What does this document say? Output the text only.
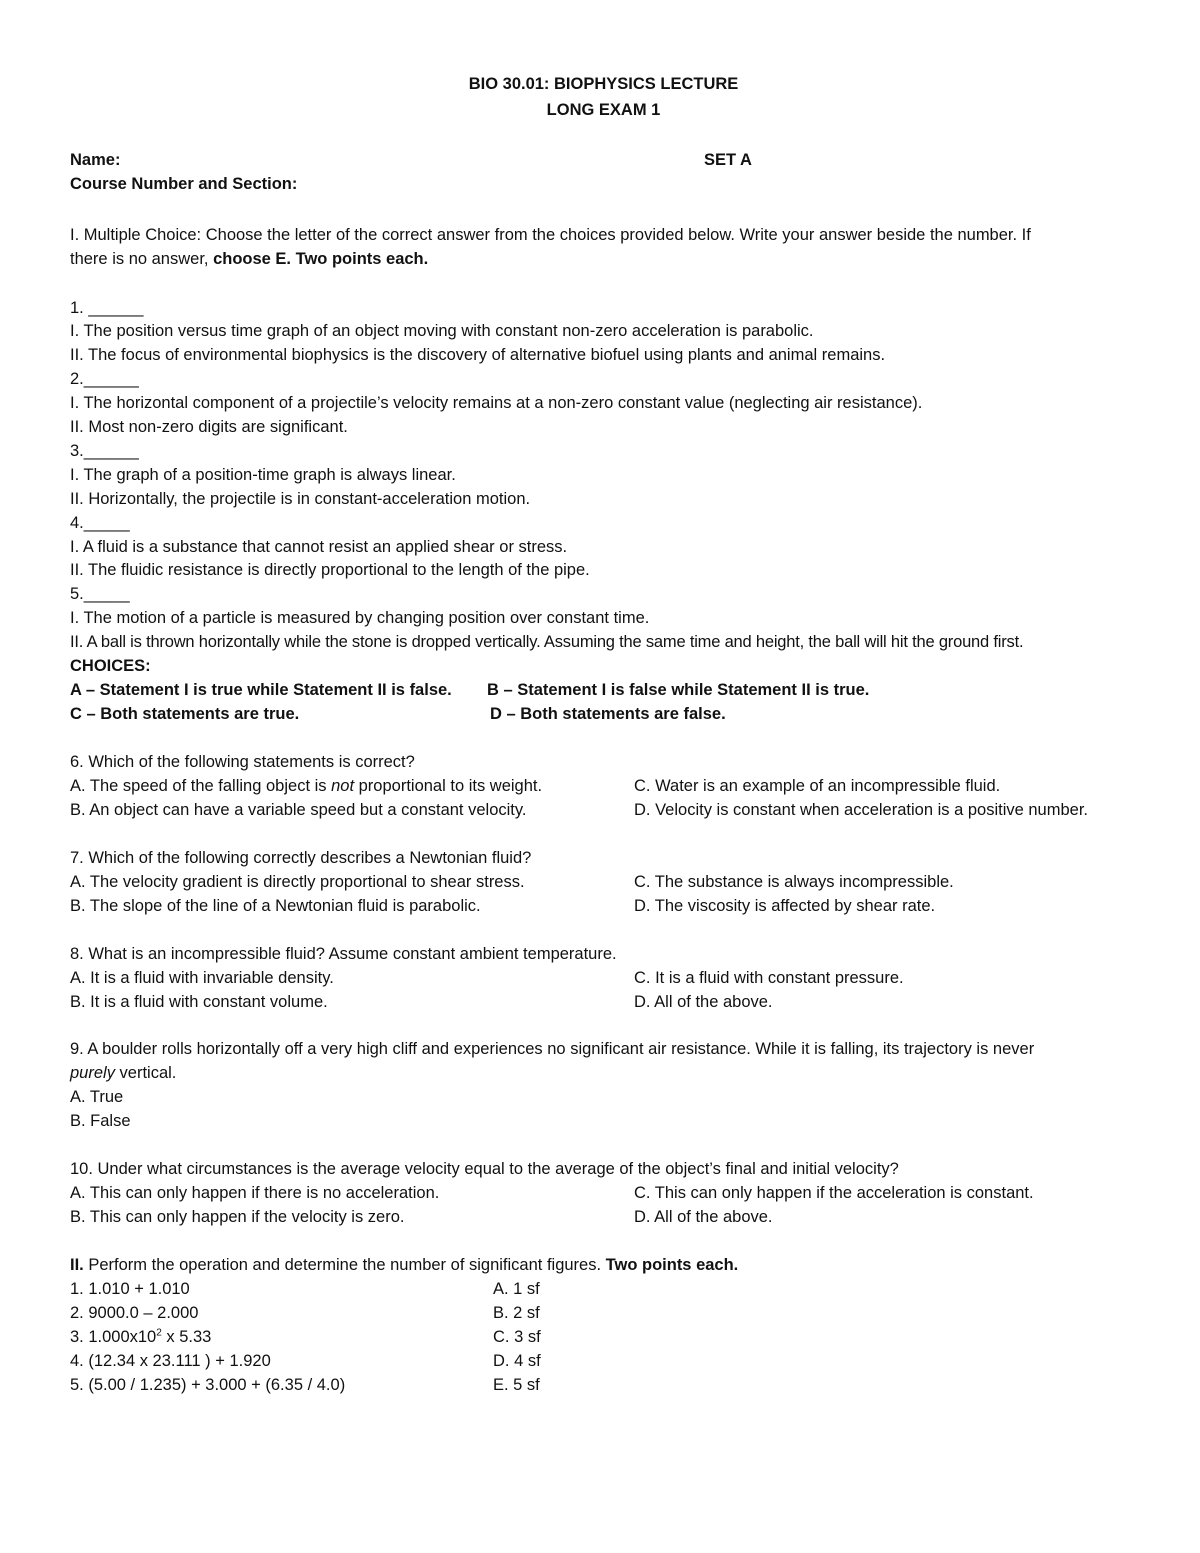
BIO 30.01: BIOPHYSICS LECTURE
LONG EXAM 1
Name:	SET A
Course Number and Section:
I. Multiple Choice: Choose the letter of the correct answer from the choices provided below. Write your answer beside the number. If
there is no answer, choose E. Two points each.
1. ______
I. The position versus time graph of an object moving with constant non-zero acceleration is parabolic.
II. The focus of environmental biophysics is the discovery of alternative biofuel using plants and animal remains.
2.______
I. The horizontal component of a projectile’s velocity remains at a non-zero constant value (neglecting air resistance).
II. Most non-zero digits are significant.
3.______
I. The graph of a position-time graph is always linear.
II. Horizontally, the projectile is in constant-acceleration motion.
4._____
I. A fluid is a substance that cannot resist an applied shear or stress.
II. The fluidic resistance is directly proportional to the length of the pipe.
5._____
I. The motion of a particle is measured by changing position over constant time.
II. A ball is thrown horizontally while the stone is dropped vertically. Assuming the same time and height, the ball will hit the ground first.
CHOICES:
A – Statement I is true while Statement II is false. B – Statement I is false while Statement II is true.
C – Both statements are true.	D – Both statements are false.
6. Which of the following statements is correct?
A. The speed of the falling object is not proportional to its weight.
B. An object can have a variable speed but a constant velocity.
C. Water is an example of an incompressible fluid.
D. Velocity is constant when acceleration is a positive number.
7. Which of the following correctly describes a Newtonian fluid?
A. The velocity gradient is directly proportional to shear stress.
B. The slope of the line of a Newtonian fluid is parabolic.
C. The substance is always incompressible.
D. The viscosity is affected by shear rate.
8. What is an incompressible fluid? Assume constant ambient temperature.
A. It is a fluid with invariable density.
B. It is a fluid with constant volume.
C. It is a fluid with constant pressure.
D. All of the above.
9. A boulder rolls horizontally off a very high cliff and experiences no significant air resistance. While it is falling, its trajectory is never
purely vertical.
A. True
B. False
10. Under what circumstances is the average velocity equal to the average of the object’s final and initial velocity?
A. This can only happen if there is no acceleration.
B. This can only happen if the velocity is zero.
C. This can only happen if the acceleration is constant.
D. All of the above.
II. Perform the operation and determine the number of significant figures. Two points each.
1. 1.010 + 1.010
2. 9000.0 – 2.000
3. $1.000x10^2$ x 5.33
4. (12.34 x 23.111 ) + 1.920
5. (5.00 / 1.235) + 3.000 + (6.35 / 4.0)
A. 1 sf
B. 2 sf
C. 3 sf
D. 4 sf
E. 5 sf
